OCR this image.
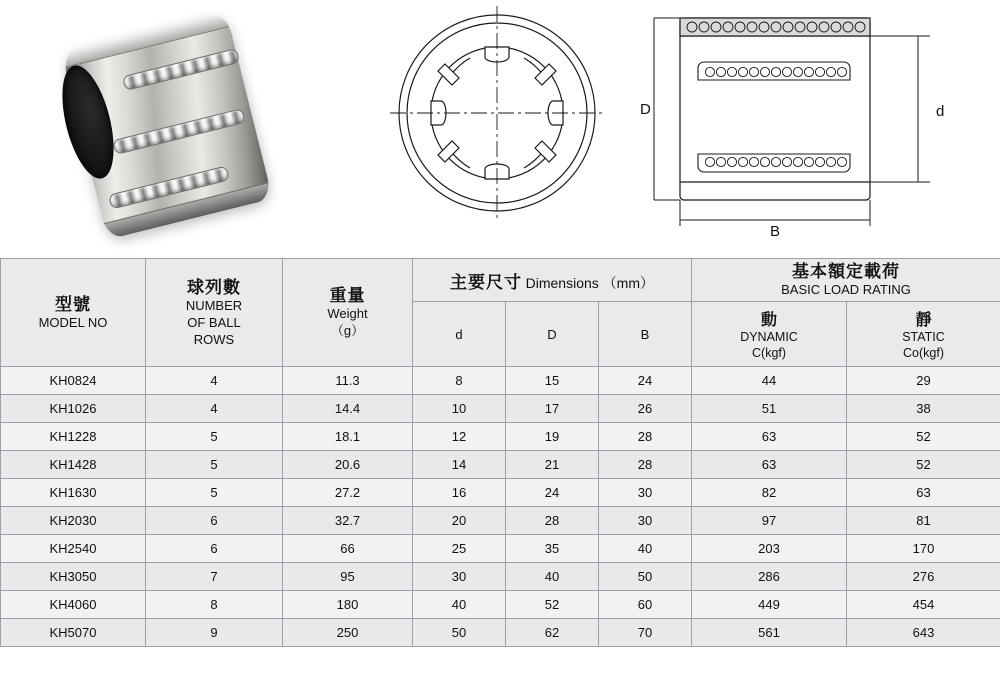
D	d
B
型號
MODEL NO	球列數
NUMBER
OF BALL
ROWS	重量
Weight
（g）	主要尺寸 Dimensions （mm）			基本額定載荷
BASIC LOAD RATING	

			d	D	B	動
DYNAMIC
C(kgf)	靜
STATIC
Co(kgf)

KH0824	4	11.3	8	15	24	44	29
KH1026	4	14.4	10	17	26	51	38
KH1228	5	18.1	12	19	28	63	52
KH1428	5	20.6	14	21	28	63	52
KH1630	5	27.2	16	24	30	82	63
KH2030	6	32.7	20	28	30	97	81
KH2540	6	66	25	35	40	203	170
KH3050	7	95	30	40	50	286	276
KH4060	8	180	40	52	60	449	454
KH5070	9	250	50	62	70	561	643
